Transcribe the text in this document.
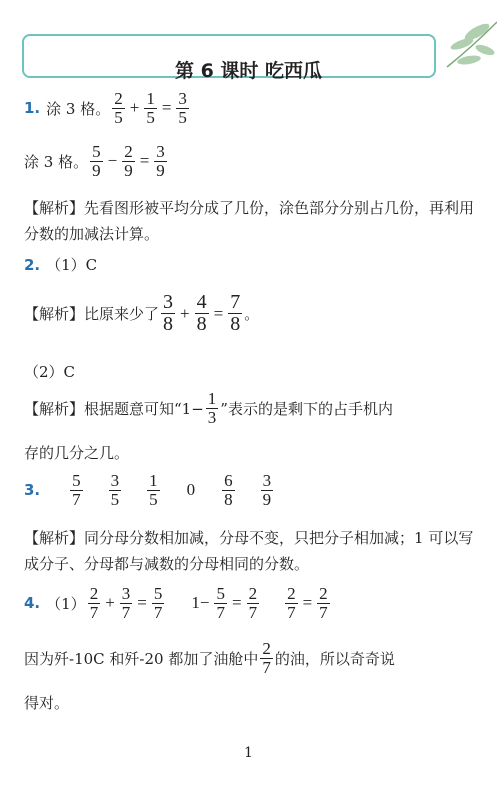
第 6 课时 吃西瓜
1. 涂 3 格。 $\frac{2}{5} + \frac{1}{5} = \frac{3}{5}$
涂 3 格。 $\frac{5}{9} - \frac{2}{9} = \frac{3}{9}$
【解析】先看图形被平均分成了几份，涂色部分分别占几份，再利用分数的加减法计算。
2. （1）C
【解析】比原来少了 $\frac{3}{8} + \frac{4}{8} = \frac{7}{8}$ 。
（2）C
【解析】根据题意可知“$1- \frac{1}{3}$ ”表示的是剩下的占手机内
存的几分之几。
3. $\frac{5}{7} \frac{3}{5} \frac{1}{5} 0 \frac{6}{8} \frac{3}{9}$
【解析】同分母分数相加减，分母不变，只把分子相加减；1 可以写成分子、分母都与减数的分母相同的分数。
4. $(1) \frac{2}{7} + \frac{3}{7} = \frac{5}{7} 1- \frac{5}{7} = \frac{2}{7} \frac{2}{7} = \frac{2}{7}$
因为歼-10C 和歼-20 都加了油舱中 $\frac{2}{7}$ 的油，所以奇奇说
得对。
1
